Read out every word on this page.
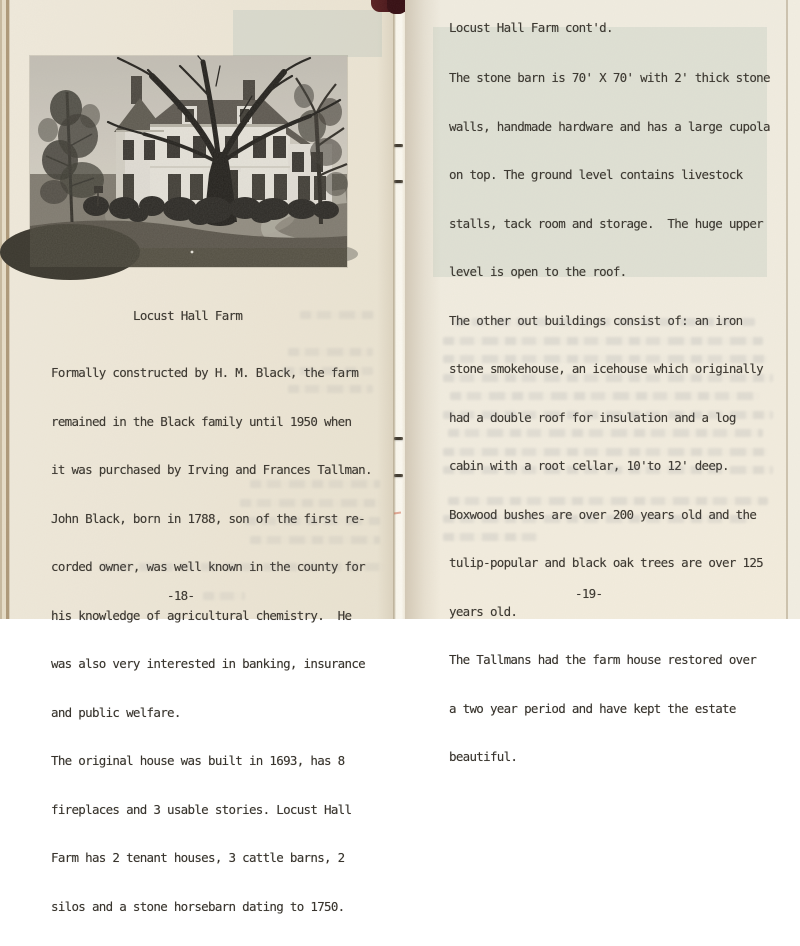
Locust Hall Farm

Formally constructed by H. M. Black, the farm

remained in the Black family until 1950 when

it was purchased by Irving and Frances Tallman.

John Black, born in 1788, son of the first re-

corded owner, was well known in the county for

his knowledge of agricultural chemistry.  He

was also very interested in banking, insurance

and public welfare.

The original house was built in 1693, has 8

fireplaces and 3 usable stories. Locust Hall

Farm has 2 tenant houses, 3 cattle barns, 2

silos and a stone horsebarn dating to 1750.

-18-
Locust Hall Farm cont'd.

The stone barn is 70' X 70' with 2' thick stone

walls, handmade hardware and has a large cupola

on top. The ground level contains livestock

stalls, tack room and storage.  The huge upper

level is open to the roof.

The other out buildings consist of: an iron

stone smokehouse, an icehouse which originally

had a double roof for insulation and a log

cabin with a root cellar, 10'to 12' deep.

Boxwood bushes are over 200 years old and the

tulip-popular and black oak trees are over 125

years old.

The Tallmans had the farm house restored over

a two year period and have kept the estate

beautiful.

-19-
